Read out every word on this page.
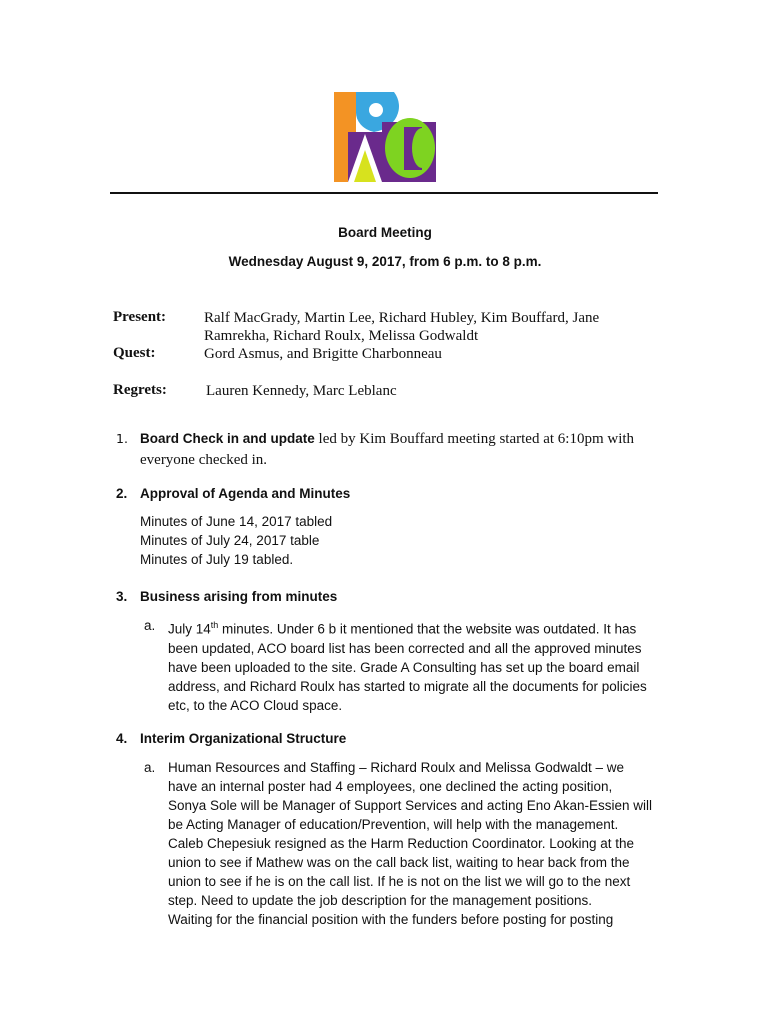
Board Meeting
Wednesday August 9, 2017, from 6 p.m. to 8 p.m.
Present:	Ralf MacGrady, Martin Lee, Richard Hubley, Kim Bouffard, Jane
Ramrekha, Richard Roulx, Melissa Godwaldt
Quest:	Gord Asmus, and Brigitte Charbonneau
Regrets:	Lauren Kennedy, Marc Leblanc
1. Board Check in and update led by Kim Bouffard meeting started at 6:10pm with
everyone checked in.
2. Approval of Agenda and Minutes
Minutes of June 14, 2017 tabled
Minutes of July 24, 2017 table
Minutes of July 19 tabled.
3. Business arising from minutes
a. July 14th minutes. Under 6 b it mentioned that the website was outdated. It has
been updated, ACO board list has been corrected and all the approved minutes
have been uploaded to the site. Grade A Consulting has set up the board email
address, and Richard Roulx has started to migrate all the documents for policies
etc, to the ACO Cloud space.
4. Interim Organizational Structure
a. Human Resources and Staffing – Richard Roulx and Melissa Godwaldt – we
have an internal poster had 4 employees, one declined the acting position,
Sonya Sole will be Manager of Support Services and acting Eno Akan-Essien will
be Acting Manager of education/Prevention, will help with the management.
Caleb Chepesiuk resigned as the Harm Reduction Coordinator. Looking at the
union to see if Mathew was on the call back list, waiting to hear back from the
union to see if he is on the call list. If he is not on the list we will go to the next
step. Need to update the job description for the management positions.
Waiting for the financial position with the funders before posting for posting
